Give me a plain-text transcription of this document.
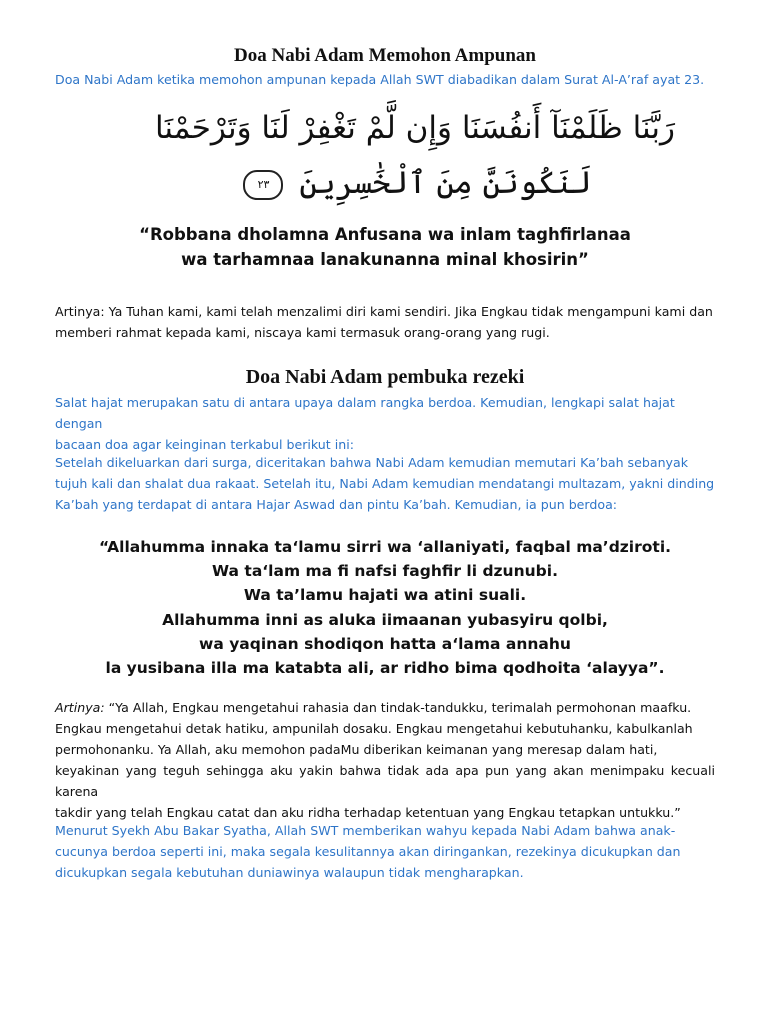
Doa Nabi Adam Memohon Ampunan
Doa Nabi Adam ketika memohon ampunan kepada Allah SWT diabadikan dalam Surat Al-A’raf ayat 23.
رَبَّنَا ظَلَمْنَآ أَنفُسَنَا وَإِن لَّمْ تَغْفِرْ لَنَا وَتَرْحَمْنَا
لَنَكُونَنَّ مِنَ ٱلْخَٰسِرِينَ ٢٣
“Robbana dholamna Anfusana wa inlam taghfirlanaa
wa tarhamnaa lanakunanna minal khosirin”
Artinya: Ya Tuhan kami, kami telah menzalimi diri kami sendiri. Jika Engkau tidak mengampuni kami dan
memberi rahmat kepada kami, niscaya kami termasuk orang-orang yang rugi.
Doa Nabi Adam pembuka rezeki
Salat hajat merupakan satu di antara upaya dalam rangka berdoa. Kemudian, lengkapi salat hajat dengan
bacaan doa agar keinginan terkabul berikut ini:
Setelah dikeluarkan dari surga, diceritakan bahwa Nabi Adam kemudian memutari Ka’bah sebanyak
tujuh kali dan shalat dua rakaat. Setelah itu, Nabi Adam kemudian mendatangi multazam, yakni dinding
Ka’bah yang terdapat di antara Hajar Aswad dan pintu Ka’bah. Kemudian, ia pun berdoa:
“Allahumma innaka ta‘lamu sirri wa ‘allaniyati, faqbal ma’dziroti.
Wa ta‘lam ma fi nafsi faghfir li dzunubi.
Wa ta’lamu hajati wa atini suali.
Allahumma inni as aluka iimaanan yubasyiru qolbi,
wa yaqinan shodiqon hatta a‘lama annahu
la yusibana illa ma katabta ali, ar ridho bima qodhoita ‘alayya”.
Artinya: “Ya Allah, Engkau mengetahui rahasia dan tindak-tandukku, terimalah permohonan maafku.
Engkau mengetahui detak hatiku, ampunilah dosaku. Engkau mengetahui kebutuhanku, kabulkanlah
permohonanku. Ya Allah, aku memohon padaMu diberikan keimanan yang meresap dalam hati,
keyakinan yang teguh sehingga aku yakin bahwa tidak ada apa pun yang akan menimpaku kecuali karena
takdir yang telah Engkau catat dan aku ridha terhadap ketentuan yang Engkau tetapkan untukku.”
Menurut Syekh Abu Bakar Syatha, Allah SWT memberikan wahyu kepada Nabi Adam bahwa anak-
cucunya berdoa seperti ini, maka segala kesulitannya akan diringankan, rezekinya dicukupkan dan
dicukupkan segala kebutuhan duniawinya walaupun tidak mengharapkan.
